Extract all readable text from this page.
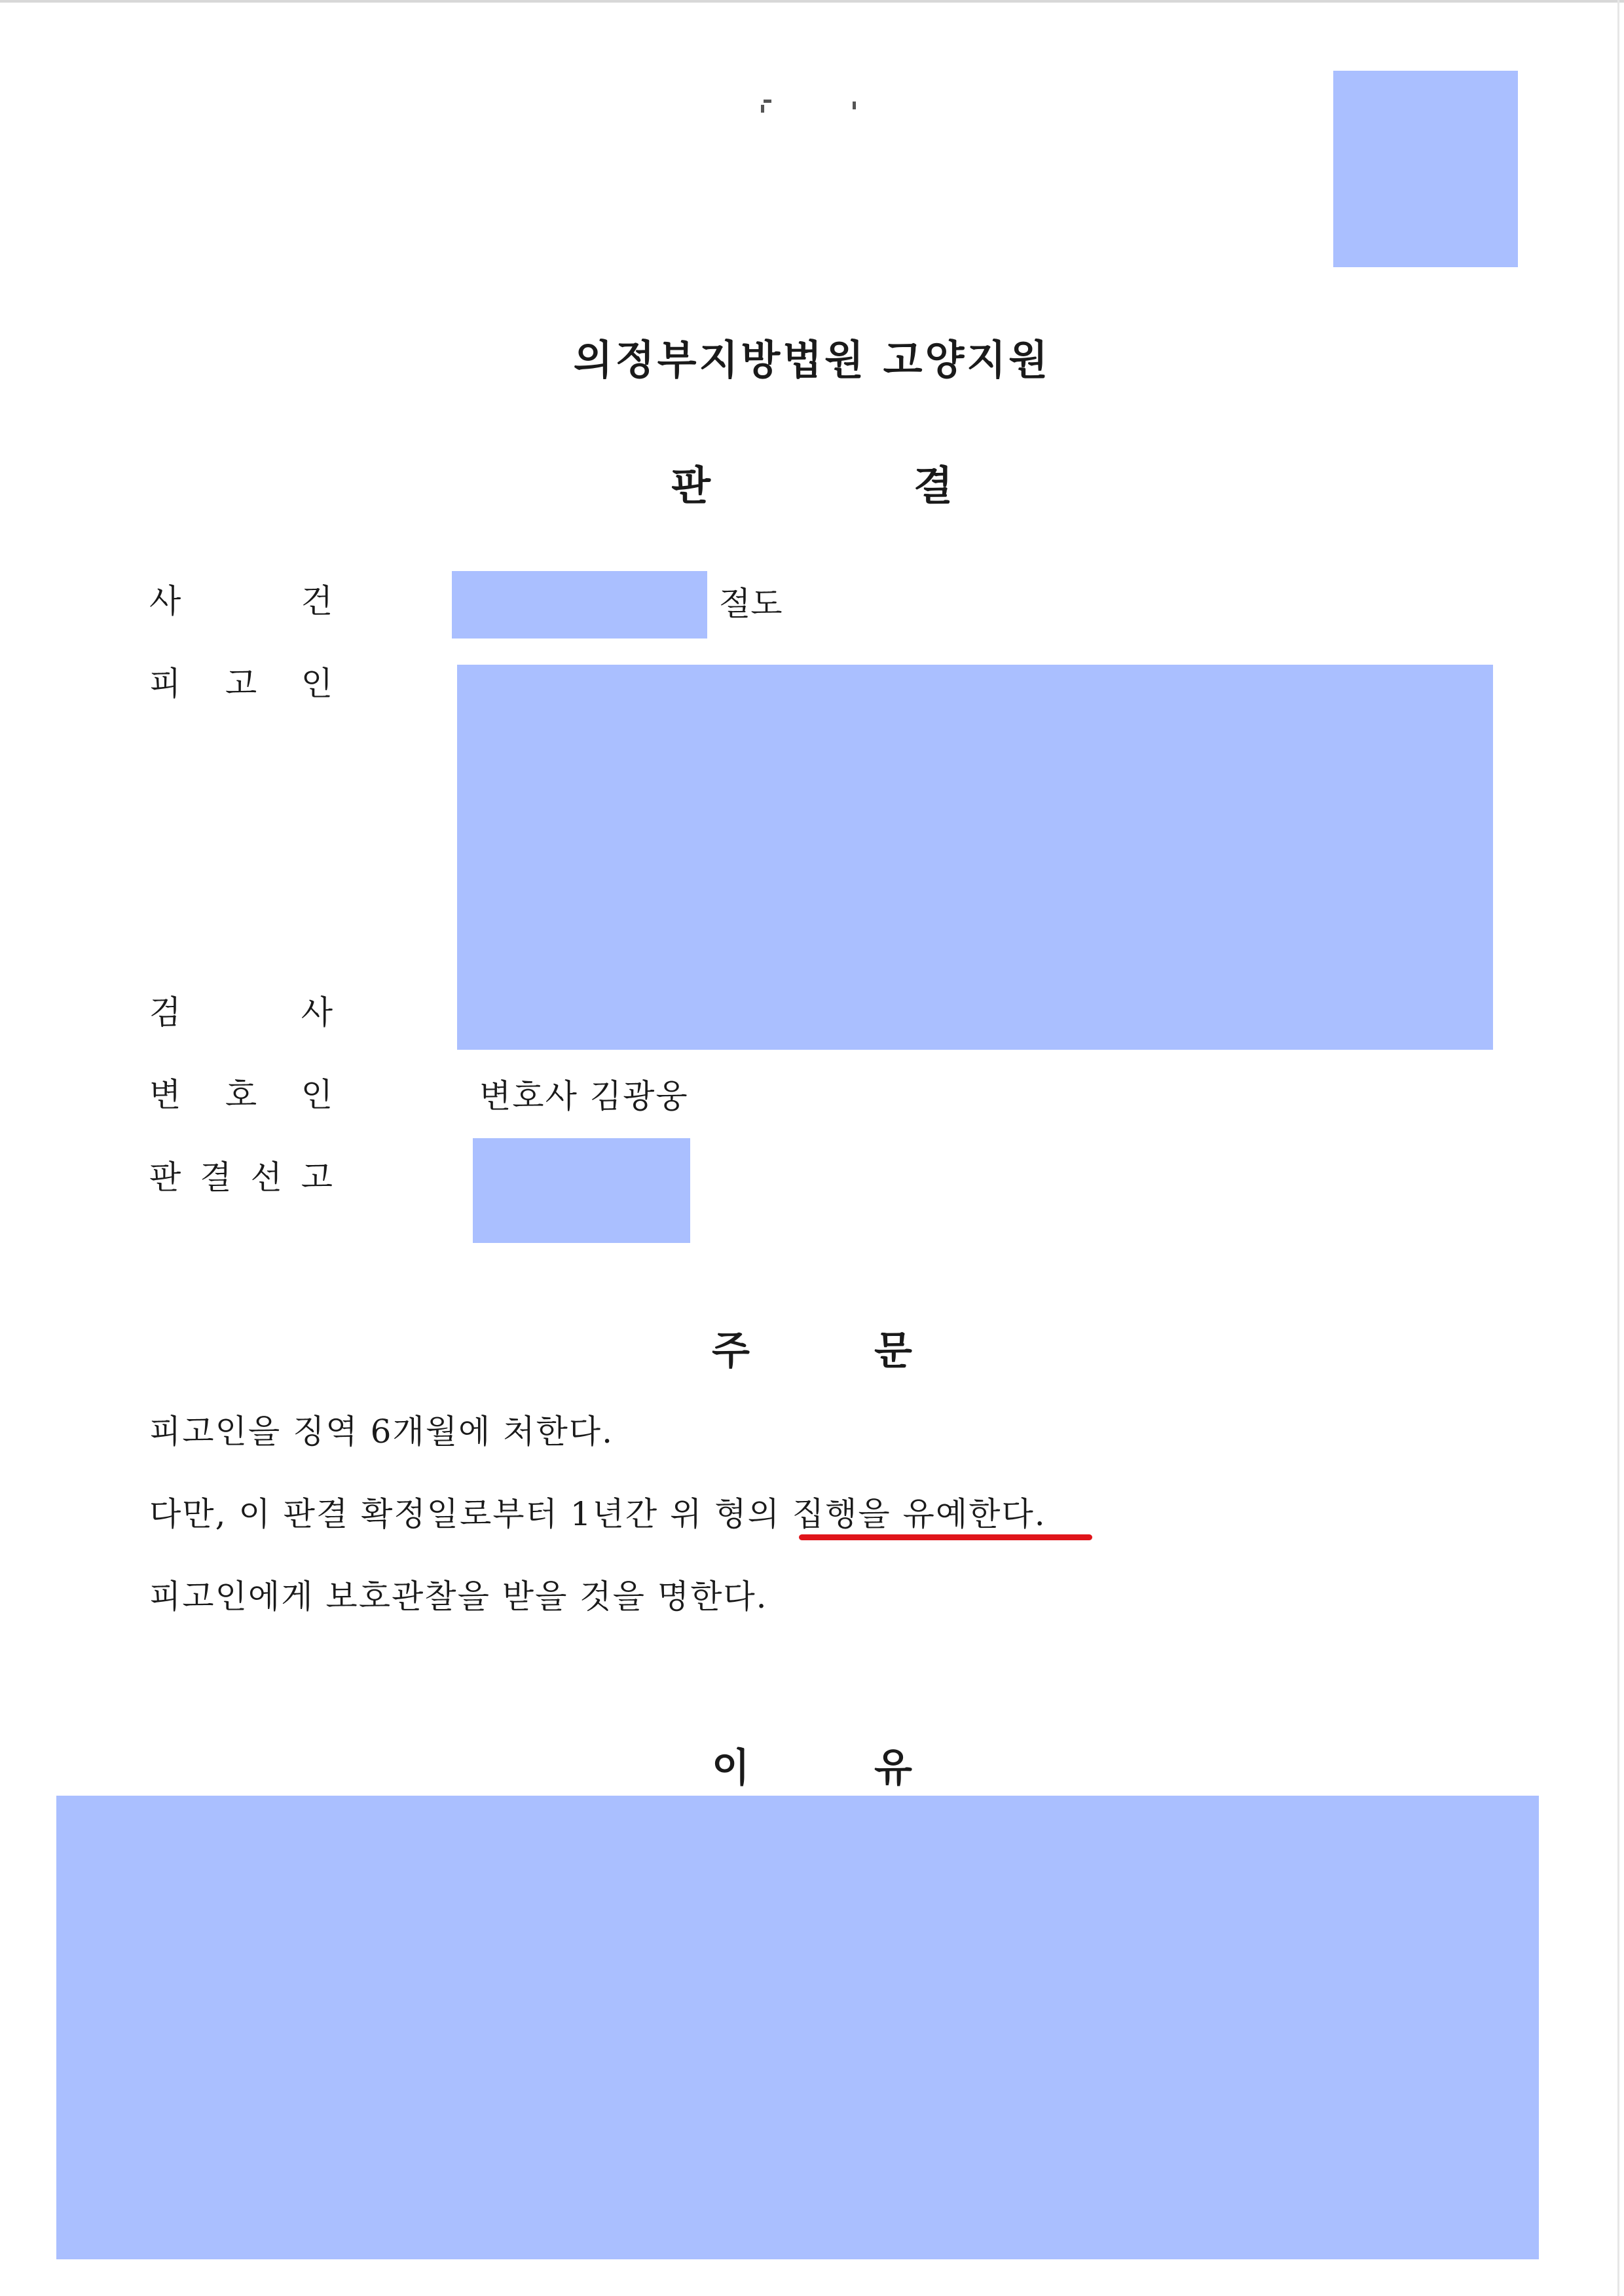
의정부지방법원 고양지원
판	결
사	건	절도
피 고 인
검	사
변 호 인	변호사 김광웅
판 결 선 고
주	문
피고인을 징역 6개월에 처한다.
다만, 이 판결 확정일로부터 1년간 위 형의 집행을 유예한다.
피고인에게 보호관찰을 받을 것을 명한다.
이	유
